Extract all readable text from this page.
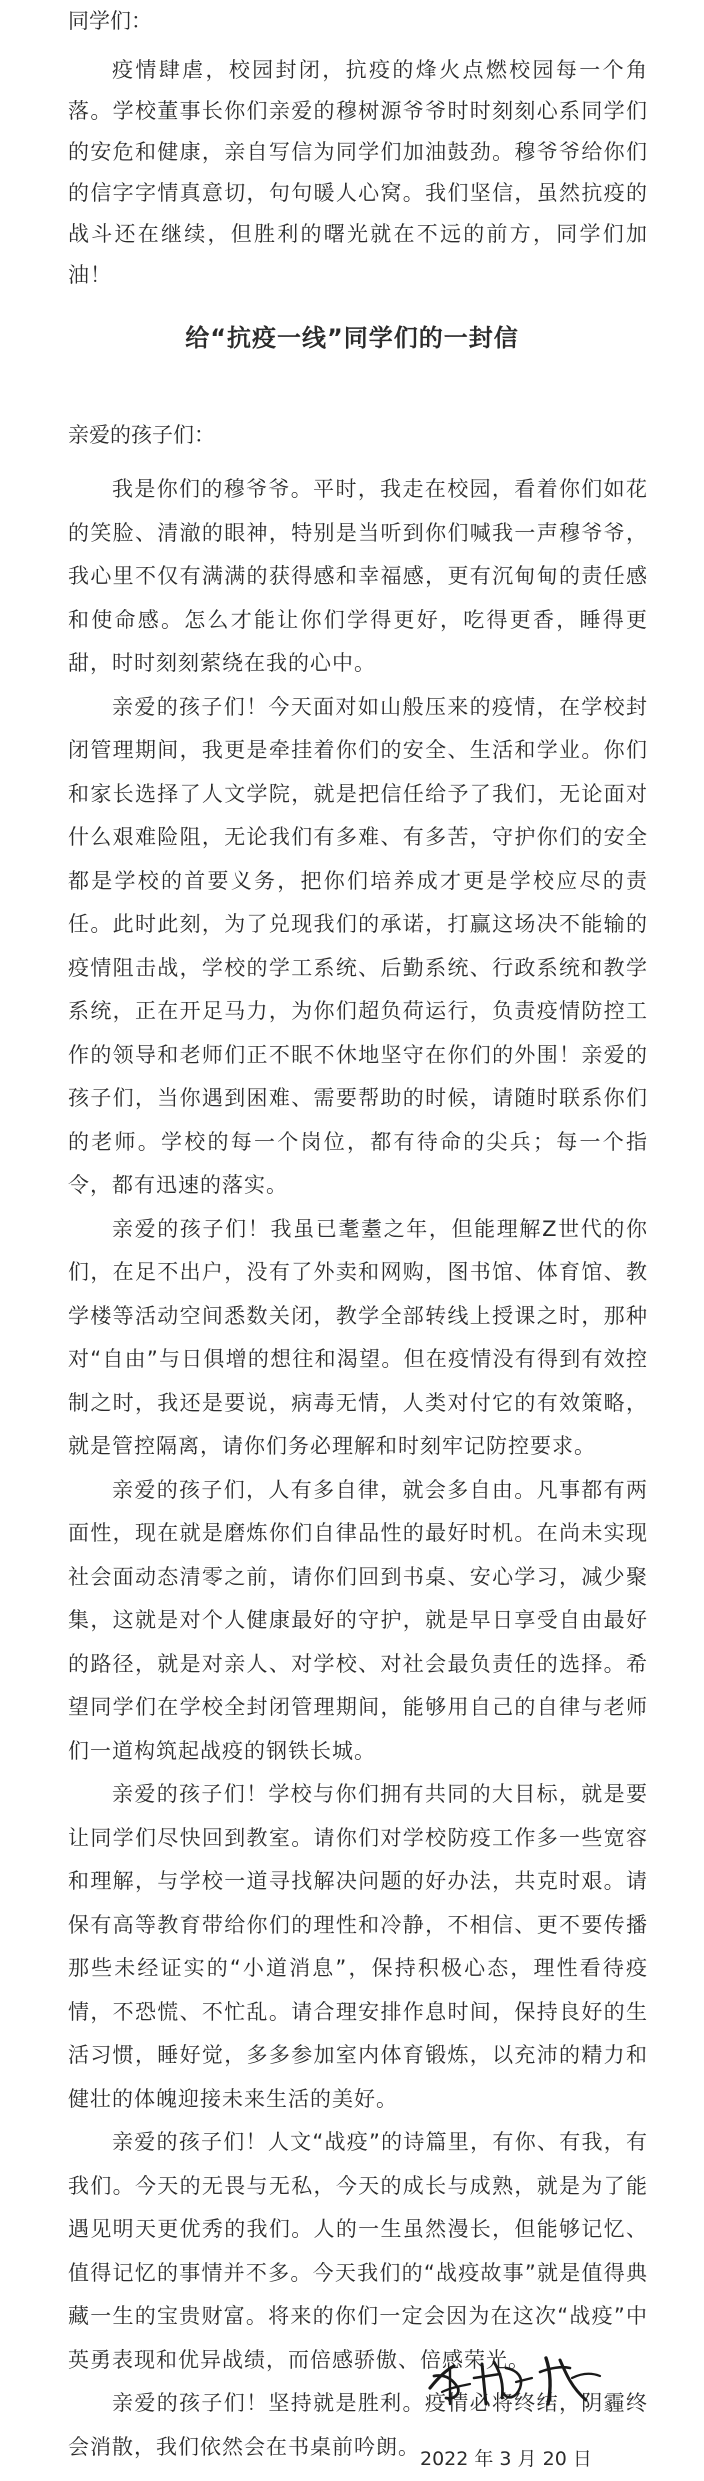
同学们：

疫情肆虐，校园封闭，抗疫的烽火点燃校园每一个角落。学校董事长你们亲爱的穆树源爷爷时时刻刻心系同学们的安危和健康，亲自写信为同学们加油鼓劲。穆爷爷给你们的信字字情真意切，句句暖人心窝。我们坚信，虽然抗疫的战斗还在继续，但胜利的曙光就在不远的前方，同学们加油！

给“抗疫一线”同学们的一封信
亲爱的孩子们：

我是你们的穆爷爷。平时，我走在校园，看着你们如花的笑脸、清澈的眼神，特别是当听到你们喊我一声穆爷爷，我心里不仅有满满的获得感和幸福感，更有沉甸甸的责任感和使命感。怎么才能让你们学得更好，吃得更香，睡得更甜，时时刻刻萦绕在我的心中。

亲爱的孩子们！今天面对如山般压来的疫情，在学校封闭管理期间，我更是牵挂着你们的安全、生活和学业。你们和家长选择了人文学院，就是把信任给予了我们，无论面对什么艰难险阻，无论我们有多难、有多苦，守护你们的安全都是学校的首要义务，把你们培养成才更是学校应尽的责任。此时此刻，为了兑现我们的承诺，打赢这场决不能输的疫情阻击战，学校的学工系统、后勤系统、行政系统和教学系统，正在开足马力，为你们超负荷运行，负责疫情防控工作的领导和老师们正不眠不休地坚守在你们的外围！亲爱的孩子们，当你遇到困难、需要帮助的时候，请随时联系你们的老师。学校的每一个岗位，都有待命的尖兵；每一个指令，都有迅速的落实。

亲爱的孩子们！我虽已耄耋之年，但能理解Z世代的你们，在足不出户，没有了外卖和网购，图书馆、体育馆、教学楼等活动空间悉数关闭，教学全部转线上授课之时，那种对“自由”与日俱增的想往和渴望。但在疫情没有得到有效控制之时，我还是要说，病毒无情，人类对付它的有效策略，就是管控隔离，请你们务必理解和时刻牢记防控要求。

亲爱的孩子们，人有多自律，就会多自由。凡事都有两面性，现在就是磨炼你们自律品性的最好时机。在尚未实现社会面动态清零之前，请你们回到书桌、安心学习，减少聚集，这就是对个人健康最好的守护，就是早日享受自由最好的路径，就是对亲人、对学校、对社会最负责任的选择。希望同学们在学校全封闭管理期间，能够用自己的自律与老师们一道构筑起战疫的钢铁长城。

亲爱的孩子们！学校与你们拥有共同的大目标，就是要让同学们尽快回到教室。请你们对学校防疫工作多一些宽容和理解，与学校一道寻找解决问题的好办法，共克时艰。请保有高等教育带给你们的理性和冷静，不相信、更不要传播那些未经证实的“小道消息”，保持积极心态，理性看待疫情，不恐慌、不忙乱。请合理安排作息时间，保持良好的生活习惯，睡好觉，多多参加室内体育锻炼，以充沛的精力和健壮的体魄迎接未来生活的美好。

亲爱的孩子们！人文“战疫”的诗篇里，有你、有我，有我们。今天的无畏与无私，今天的成长与成熟，就是为了能遇见明天更优秀的我们。人的一生虽然漫长，但能够记忆、值得记忆的事情并不多。今天我们的“战疫故事”就是值得典藏一生的宝贵财富。将来的你们一定会因为在这次“战疫”中英勇表现和优异战绩，而倍感骄傲、倍感荣光。

亲爱的孩子们！坚持就是胜利。疫情必将终结，阴霾终会消散，我们依然会在书桌前吟朗。

2022 年 3 月 20 日
